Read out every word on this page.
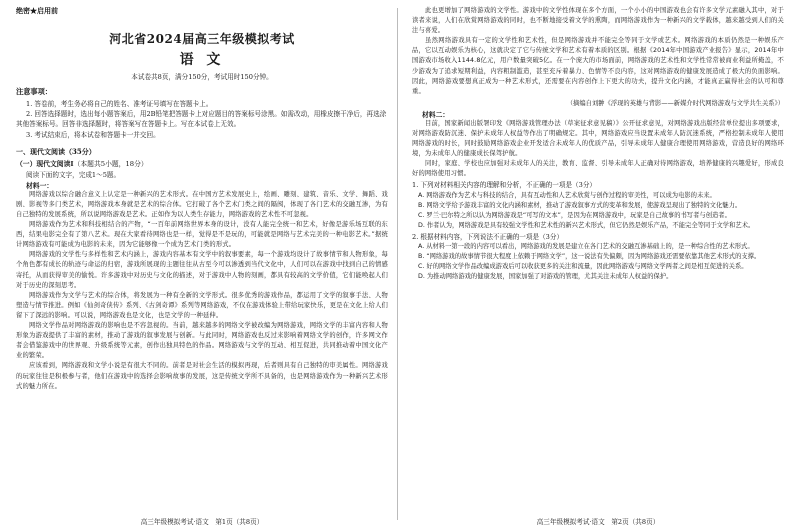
绝密★启用前
河北省2024届高三年级模拟考试
语 文
本试卷共8页，满分150分，考试用时150分钟。
注意事项：

1. 答卷前，考生务必将自己的姓名、准考证号填写在答题卡上。

2. 回答选择题时，选出每小题答案后，用2B铅笔把答题卡上对应题目的答案标号涂黑。如需改动，用橡皮擦干净后，再选涂其他答案标号。回答非选择题时，将答案写在答题卡上。写在本试卷上无效。

3. 考试结束后，将本试卷和答题卡一并交回。

一、现代文阅读（35分）
（一）现代文阅读Ⅰ（本题共5小题，18分）
阅读下面的文字，完成1～5题。
材料一：

网络游戏以综合融合意义上认定是一种新兴的艺术形式。在中国方艺术发展史上，绘画、雕刻、建筑、音乐、文学、舞蹈、戏剧、影视等多门类艺术，网络游戏本身就是艺术的综合体。它打破了各个艺术门类之间的隔阂，体现了各门艺术的交融互渗，为有自己独特的发展系统，所以说网络游戏是艺术。正如作为以人类生存能力，网络游戏的艺术性不可忽视。

网络游戏作为艺术和科技相结合的产物，“一百年前网络世界本身的设计，没有人能完全统一和艺术，好像是游乐场互联的东西，结果电影完全有了第八艺术。现在大家看待网络也是一样，觉得是不是玩的，可能就是网络与艺术完美的一种电影艺术。”据统计网络游戏有可能成为电影的未来，因为它能够像一个成为艺术门类的形式。

网络游戏的文学性与多样性和艺术内涵上，游戏内容基本有文学中的叙事要素，每一个游戏均设计了故事情节和人物形象，每个角色都有成长的轨迹与命运的归宿，游戏所展现的主题往往从古至今可以渗透到当代文化中，人们可以在游戏中找到自己的情感寄托，从而获得审美的愉悦。许多游戏中对历史与文化的描述，对于游戏中人物的刻画，都具有较高的文学价值，它们能唤起人们对于历史的深刻思考。

网络游戏作为文学与艺术的综合体，将发展为一种有全新的文学形式。很多优秀的游戏作品，都运用了文学的叙事手法、人物塑造与情节推进。例如《仙剑奇侠传》系列、《古剑奇谭》系列等网络游戏，不仅在游戏体验上带给玩家快乐，更是在文化上给人们留下了深远的影响。可以说，网络游戏也是文化，也是文学的一种延伸。

网络文学作品对网络游戏的影响也是不容忽视的。当前，越来越多的网络文学被改编为网络游戏，网络文学的丰富内容和人物形象为游戏提供了丰富的素材，推动了游戏的叙事发展与创新。与此同时，网络游戏也反过来影响着网络文学的创作，许多网文作者会借鉴游戏中的世界观、升级系统等元素，创作出独具特色的作品。网络游戏与文学的互动、相互促进，共同推动着中国文化产业的繁荣。

应该看到，网络游戏和文学小说是有很大不同的。前者是对社会生活的模拟再现，后者则具有自己独特的审美属性。网络游戏的玩家往往是积极参与者，他们在游戏中的选择会影响故事的发展，这是传统文学所不具备的，也是网络游戏作为一种新兴艺术形式的魅力所在。

此也更增加了网络游戏的文学性。游戏中的文学性体现在多个方面，一个小小的中国游戏也会有许多文学元素融入其中，对于读者来说，人们在欣赏网络游戏的同时，也不断地接受着文学的熏陶，而网络游戏作为一种新兴的文学载体，越来越受到人们的关注与喜爱。

虽然网络游戏具有一定的文学性和艺术性，但是网络游戏并不能完全等同于文学或艺术。网络游戏的本质仍然是一种娱乐产品，它以互动娱乐为核心，这就决定了它与传统文学和艺术有着本质的区别。根据《2014年中国游戏产业报告》显示，2014年中国游戏市场收入1144.8亿元，用户数量突破5亿。在一个庞大的市场面前，网络游戏的艺术性和文学性常常被商业利益所掩盖，不少游戏为了追求短期利益，内容粗制滥造，甚至充斥着暴力、色情等不良内容，这对网络游戏的健康发展造成了极大的负面影响。因此，网络游戏要想真正成为一种艺术形式，还需要在内容创作上下更大的功夫，提升文化内涵，才能真正赢得社会的认可和尊重。

（摘编自刘翀《浮现的英雄与背影——新媒介时代网络游戏与文学共生关系》）
材料二：

目前，国家新闻出版署印发《网络游戏管理办法（草案征求意见稿）》公开征求意见，对网络游戏出版经营单位提出多项要求，对网络游戏防沉迷、保护未成年人权益等作出了明确规定。其中，网络游戏应当设置未成年人防沉迷系统，严格控制未成年人使用网络游戏的时长，同时鼓励网络游戏企业开发适合未成年人的优质产品，引导未成年人健康合理使用网络游戏，营造良好的网络环境，为未成年人的健康成长保驾护航。

同时，家庭、学校也应加强对未成年人的关注，教育、监督、引导未成年人正确对待网络游戏，培养健康的兴趣爱好，形成良好的网络使用习惯。

1. 下列对材料相关内容的理解和分析，不正确的一项是（3分）
A. 网络游戏作为艺术与科技的结合，具有互动性和人艺术欣赏与创作过程的审美性，可以成为电影的未来。
B. 网络文学给予游戏丰富的文化内涵和素材，推动了游戏叙事方式的变革和发展，使游戏呈现出了独特的文化魅力。
C. 罗兰·巴尔特之所以认为网络游戏是“可写的文本”，是因为在网络游戏中，玩家是自己故事的书写者与创造者。
D. 作者认为，网络游戏是具有较强文学性和艺术性的新兴艺术形式，但它仍然是娱乐产品，不能完全等同于文学和艺术。
2. 根据材料内容，下列说法不正确的一项是（3分）
A. 从材料一第一段的内容可以看出，网络游戏的发展是建立在各门艺术的交融互渗基础上的，是一种综合性的艺术形式。
B. “网络游戏的故事情节很大程度上依赖于网络文学”，这一说法有失偏颇，因为网络游戏还需要依靠其他艺术形式的支撑。
C. 好的网络文学作品改编成游戏后可以收获更多的关注和流量，因此网络游戏与网络文学两者之间是相互促进的关系。
D. 为推动网络游戏的健康发展，国家加强了对游戏的管理，尤其关注未成年人权益的保护。
高三年级模拟考试·语文　第1页（共8页）	高三年级模拟考试·语文　第2页（共8页）
